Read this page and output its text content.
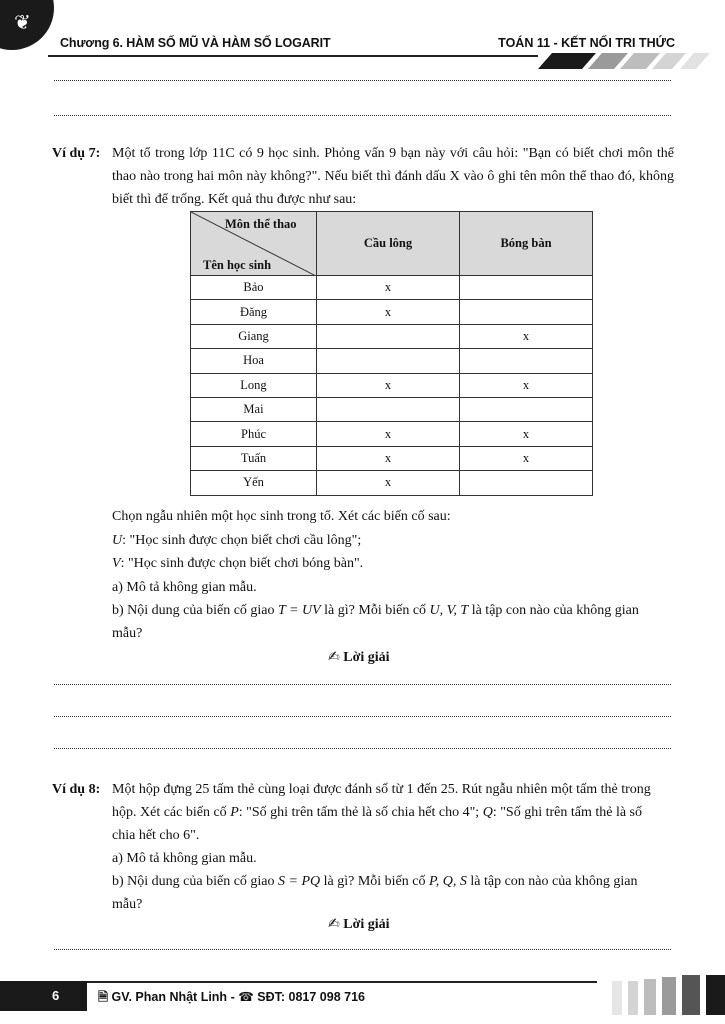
❦
Chương 6. HÀM SỐ MŨ VÀ HÀM SỐ LOGARIT	TOÁN 11 - KẾT NỐI TRI THỨC
Ví dụ 7: Một tổ trong lớp 11C có 9 học sinh. Phỏng vấn 9 bạn này với câu hỏi: "Bạn có biết chơi môn thể thao nào trong hai môn này không?". Nếu biết thì đánh dấu X vào ô ghi tên môn thể thao đó, không biết thì để trống. Kết quả thu được như sau:
Môn thể thao
Tên học sinh	Cầu lông	Bóng bàn
Bảo	x	
Đăng	x	
Giang		x
Hoa		
Long	x	x
Mai		
Phúc	x	x
Tuấn	x	x
Yến	x	
Chọn ngẫu nhiên một học sinh trong tổ. Xét các biến cố sau:
U: "Học sinh được chọn biết chơi cầu lông";
V: "Học sinh được chọn biết chơi bóng bàn".
a) Mô tả không gian mẫu.
b) Nội dung của biến cố giao T = UV là gì? Mỗi biến cố U, V, T là tập con nào của không gian
mẫu?
✍ Lời giải
Ví dụ 8: Một hộp đựng 25 tấm thẻ cùng loại được đánh số từ 1 đến 25. Rút ngẫu nhiên một tấm thẻ trong
hộp. Xét các biến cố P: "Số ghi trên tấm thẻ là số chia hết cho 4"; Q: "Số ghi trên tấm thẻ là số
chia hết cho 6".
a) Mô tả không gian mẫu.
b) Nội dung của biến cố giao S = PQ là gì? Mỗi biến cố P, Q, S là tập con nào của không gian
mẫu?
✍ Lời giải
6	🗎 GV. Phan Nhật Linh - ☎ SĐT: 0817 098 716
